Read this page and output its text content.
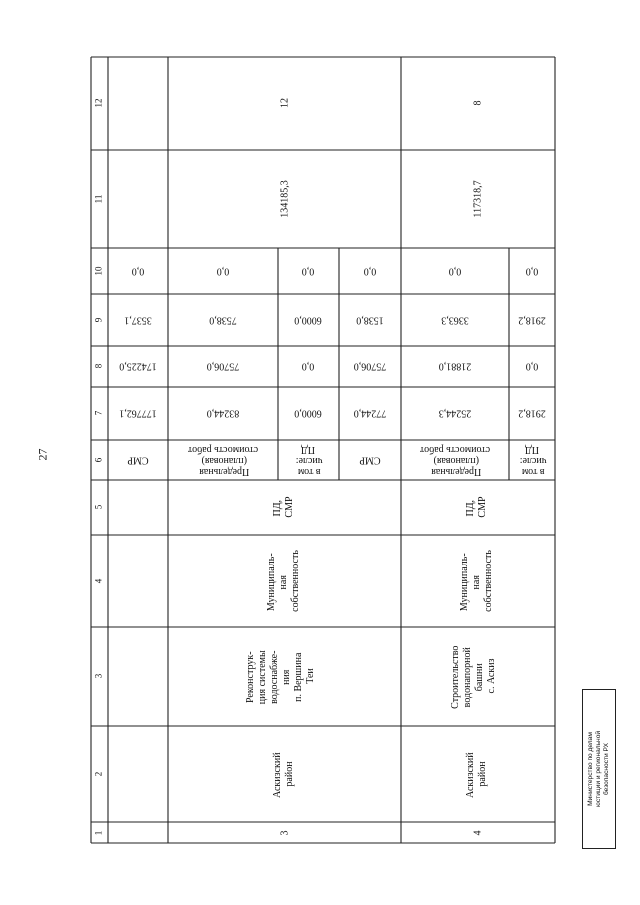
27
1
2
3
4
5
6
7
8
9
10
11
12
СМР
177762,1
174225,0
3537,1
0,0
3
Аскизский район
Реконструк- ция системы водоснабже- ния п. Вершина Теи
Муниципаль- ная собственность
ПД, СМР
Предельная (плановая) стоимость работ
83244,0
75706,0
7538,0
0,0
в том числе: ПД
6000,0
0,0
6000,0
0,0
СМР
77244,0
75706,0
1538,0
0,0
134185,3
12
4
Аскизский район
Строительство водонапорной башни с. Аскиз
Муниципаль- ная собственность
ПД, СМР
Предельная (плановая) стоимость работ
25244,3
21881,0
3363,3
0,0
в том числе: ПД
2918,2
0,0
2918,2
0,0
117318,7
8
Министерство по делам юстиции и региональной безопасности РХ
